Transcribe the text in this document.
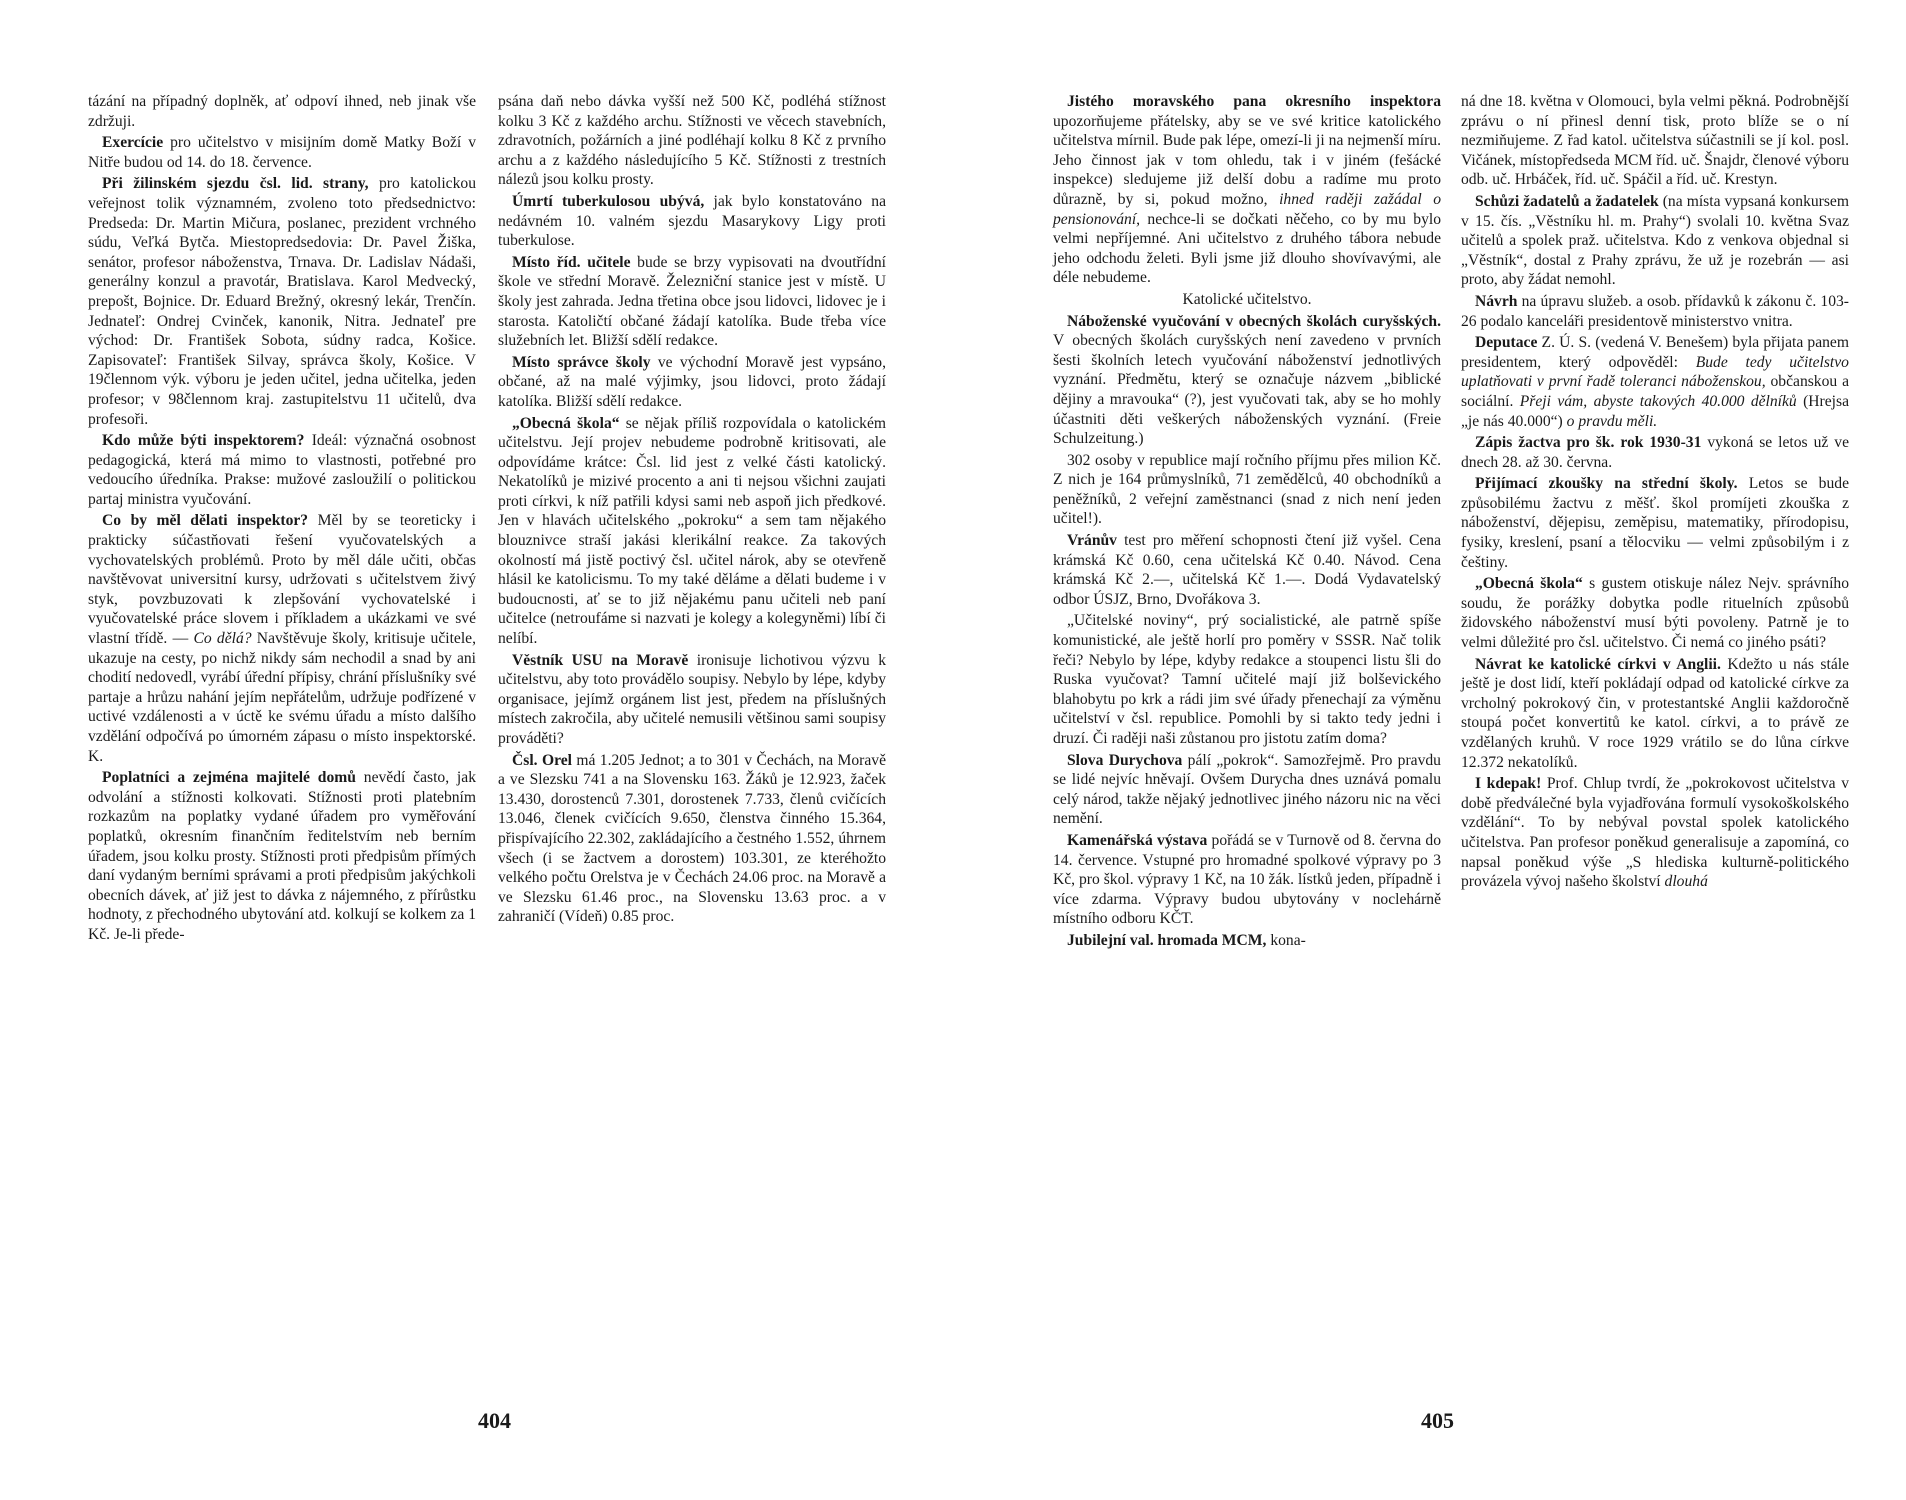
tázání na případný doplněk, ať odpoví ihned, neb jinak vše zdržuji.

Exercície pro učitelstvo v misijním domě Matky Boží v Nitře budou od 14. do 18. července.

Při žilinském sjezdu čsl. lid. strany, pro katolickou veřejnost tolik významném, zvoleno toto předsednictvo: Predseda: Dr. Martin Mičura, poslanec, prezident vrchného súdu, Veľká Bytča. Miestopredsedovia: Dr. Pavel Žiška, senátor, profesor náboženstva, Trnava. Dr. Ladislav Nádaši, generálny konzul a pravotár, Bratislava. Karol Medvecký, prepošt, Bojnice. Dr. Eduard Brežný, okresný lekár, Trenčín. Jednateľ: Ondrej Cvinček, kanonik, Nitra. Jednateľ pre východ: Dr. František Sobota, súdny radca, Košice. Zapisovateľ: František Silvay, správca školy, Košice. V 19člennom výk. výboru je jeden učitel, jedna učitelka, jeden profesor; v 98člennom kraj. zastupitelstvu 11 učitelů, dva profesoři.

Kdo může býti inspektorem? Ideál: význačná osobnost pedagogická, která má mimo to vlastnosti, potřebné pro vedoucího úředníka. Prakse: mužové zasloužilí o politickou partaj ministra vyučování.

Co by měl dělati inspektor? Měl by se teoreticky i prakticky súčastňovati řešení vyučovatelských a vychovatelských problémů. Proto by měl dále učiti, občas navštěvovat universitní kursy, udržovati s učitelstvem živý styk, povzbuzovati k zlepšování vychovatelské i vyučovatelské práce slovem i příkladem a ukázkami ve své vlastní třídě. — Co dělá? Navštěvuje školy, kritisuje učitele, ukazuje na cesty, po nichž nikdy sám nechodil a snad by ani chodití nedovedl, vyrábí úřední přípisy, chrání příslušníky své partaje a hrůzu nahání jejím nepřátelům, udržuje podřízené v uctivé vzdálenosti a v úctě ke svému úřadu a místo dalšího vzdělání odpočívá po úmorném zápasu o místo inspektorské. K.

Poplatníci a zejména majitelé domů nevědí často, jak odvolání a stížnosti kolkovati. Stížnosti proti platebním rozkazům na poplatky vydané úřadem pro vyměřování poplatků, okresním finančním ředitelstvím neb berním úřadem, jsou kolku prosty. Stížnosti proti předpisům přímých daní vydaným berními správami a proti předpisům jakýchkoli obecních dávek, ať již jest to dávka z nájemného, z přírůstku hodnoty, z přechodného ubytování atd. kolkují se kolkem za 1 Kč. Je-li přede-

psána daň nebo dávka vyšší než 500 Kč, podléhá stížnost kolku 3 Kč z každého archu. Stížnosti ve věcech stavebních, zdravotních, požárních a jiné podléhají kolku 8 Kč z prvního archu a z každého následujícího 5 Kč. Stížnosti z trestních nálezů jsou kolku prosty.

Úmrtí tuberkulosou ubývá, jak bylo konstatováno na nedávném 10. valném sjezdu Masarykovy Ligy proti tuberkulose.

Místo říd. učitele bude se brzy vypisovati na dvoutřídní škole ve střední Moravě. Železniční stanice jest v místě. U školy jest zahrada. Jedna třetina obce jsou lidovci, lidovec je i starosta. Katoličtí občané žádají katolíka. Bude třeba více služebních let. Bližší sdělí redakce.

Místo správce školy ve východní Moravě jest vypsáno, občané, až na malé výjimky, jsou lidovci, proto žádají katolíka. Bližší sdělí redakce.

„Obecná škola“ se nějak příliš rozpovídala o katolickém učitelstvu. Její projev nebudeme podrobně kritisovati, ale odpovídáme krátce: Čsl. lid jest z velké části katolický. Nekatolíků je mizivé procento a ani ti nejsou všichni zaujati proti církvi, k níž patřili kdysi sami neb aspoň jich předkové. Jen v hlavách učitelského „pokroku“ a sem tam nějakého blouznivce straší jakási klerikální reakce. Za takových okolností má jistě poctivý čsl. učitel nárok, aby se otevřeně hlásil ke katolicismu. To my také děláme a dělati budeme i v budoucnosti, ať se to již nějakému panu učiteli neb paní učitelce (netroufáme si nazvati je kolegy a kolegyněmi) líbí či nelíbí.

Věstník USU na Moravě ironisuje lichotivou výzvu k učitelstvu, aby toto provádělo soupisy. Nebylo by lépe, kdyby organisace, jejímž orgánem list jest, předem na příslušných místech zakročila, aby učitelé nemusili většinou sami soupisy prováděti?

Čsl. Orel má 1.205 Jednot; a to 301 v Čechách, na Moravě a ve Slezsku 741 a na Slovensku 163. Žáků je 12.923, žaček 13.430, dorostenců 7.301, dorostenek 7.733, členů cvičících 13.046, členek cvičících 9.650, členstva činného 15.364, přispívajícího 22.302, zakládajícího a čestného 1.552, úhrnem všech (i se žactvem a dorostem) 103.301, ze kteréhožto velkého počtu Orelstva je v Čechách 24.06 proc. na Moravě a ve Slezsku 61.46 proc., na Slovensku 13.63 proc. a v zahraničí (Vídeň) 0.85 proc.

404

Jistého moravského pana okresního inspektora upozorňujeme přátelsky, aby se ve své kritice katolického učitelstva mírnil. Bude pak lépe, omezí-li ji na nejmenší míru. Jeho činnost jak v tom ohledu, tak i v jiném (fešácké inspekce) sledujeme již delší dobu a radíme mu proto důrazně, by si, pokud možno, ihned raději zažádal o pensionování, nechce-li se dočkati něčeho, co by mu bylo velmi nepříjemné. Ani učitelstvo z druhého tábora nebude jeho odchodu želeti. Byli jsme již dlouho shovívavými, ale déle nebudeme.

Katolické učitelstvo.

Náboženské vyučování v obecných školách curyšských. V obecných školách curyšských není zavedeno v prvních šesti školních letech vyučování náboženství jednotlivých vyznání. Předmětu, který se označuje názvem „biblické dějiny a mravouka“ (?), jest vyučovati tak, aby se ho mohly účastniti děti veškerých náboženských vyznání. (Freie Schulzeitung.)

302 osoby v republice mají ročního příjmu přes milion Kč. Z nich je 164 průmyslníků, 71 zemědělců, 40 obchodníků a peněžníků, 2 veřejní zaměstnanci (snad z nich není jeden učitel!).

Vránův test pro měření schopnosti čtení již vyšel. Cena krámská Kč 0.60, cena učitelská Kč 0.40. Návod. Cena krámská Kč 2.—, učitelská Kč 1.—. Dodá Vydavatelský odbor ÚSJZ, Brno, Dvořákova 3.

„Učitelské noviny“, prý socialistické, ale patrně spíše komunistické, ale ještě horlí pro poměry v SSSR. Nač tolik řeči? Nebylo by lépe, kdyby redakce a stoupenci listu šli do Ruska vyučovat? Tamní učitelé mají již bolševického blahobytu po krk a rádi jim své úřady přenechají za výměnu učitelství v čsl. republice. Pomohli by si takto tedy jedni i druzí. Či raději naši zůstanou pro jistotu zatím doma?

Slova Durychova pálí „pokrok“. Samozřejmě. Pro pravdu se lidé nejvíc hněvají. Ovšem Durycha dnes uznává pomalu celý národ, takže nějaký jednotlivec jiného názoru nic na věci nemění.

Kamenářská výstava pořádá se v Turnově od 8. června do 14. července. Vstupné pro hromadné spolkové výpravy po 3 Kč, pro škol. výpravy 1 Kč, na 10 žák. lístků jeden, případně i více zdarma. Výpravy budou ubytovány v noclehárně místního odboru KČT.

Jubilejní val. hromada MCM, kona-

ná dne 18. května v Olomouci, byla velmi pěkná. Podrobnější zprávu o ní přinesl denní tisk, proto blíže se o ní nezmiňujeme. Z řad katol. učitelstva súčastnili se jí kol. posl. Vičánek, místopředseda MCM říd. uč. Šnajdr, členové výboru odb. uč. Hrbáček, říd. uč. Spáčil a říd. uč. Krestyn.

Schůzi žadatelů a žadatelek (na místa vypsaná konkursem v 15. čís. „Věstníku hl. m. Prahy“) svolali 10. května Svaz učitelů a spolek praž. učitelstva. Kdo z venkova objednal si „Věstník“, dostal z Prahy zprávu, že už je rozebrán — asi proto, aby žádat nemohl.

Návrh na úpravu služeb. a osob. přídavků k zákonu č. 103-26 podalo kanceláři presidentově ministerstvo vnitra.

Deputace Z. Ú. S. (vedená V. Benešem) byla přijata panem presidentem, který odpověděl: Bude tedy učitelstvo uplatňovati v první řadě toleranci náboženskou, občanskou a sociální. Přeji vám, abyste takových 40.000 dělníků (Hrejsa „je nás 40.000“) o pravdu měli.

Zápis žactva pro šk. rok 1930-31 vykoná se letos už ve dnech 28. až 30. června.

Přijímací zkoušky na střední školy. Letos se bude způsobilému žactvu z měšť. škol promíjeti zkouška z náboženství, dějepisu, zeměpisu, matematiky, přírodopisu, fysiky, kreslení, psaní a tělocviku — velmi způsobilým i z češtiny.

„Obecná škola“ s gustem otiskuje nález Nejv. správního soudu, že porážky dobytka podle rituelních způsobů židovského náboženství musí býti povoleny. Patrně je to velmi důležité pro čsl. učitelstvo. Či nemá co jiného psáti?

Návrat ke katolické církvi v Anglii. Kdežto u nás stále ještě je dost lidí, kteří pokládají odpad od katolické církve za vrcholný pokrokový čin, v protestantské Anglii každoročně stoupá počet konvertitů ke katol. církvi, a to právě ze vzdělaných kruhů. V roce 1929 vrátilo se do lůna církve 12.372 nekatolíků.

I kdepak! Prof. Chlup tvrdí, že „pokrokovost učitelstva v době předválečné byla vyjadřována formulí vysokoškolského vzdělání“. To by nebýval povstal spolek katolického učitelstva. Pan profesor poněkud generalisuje a zapomíná, co napsal poněkud výše „S hlediska kulturně-politického provázela vývoj našeho školství dlouhá

405
